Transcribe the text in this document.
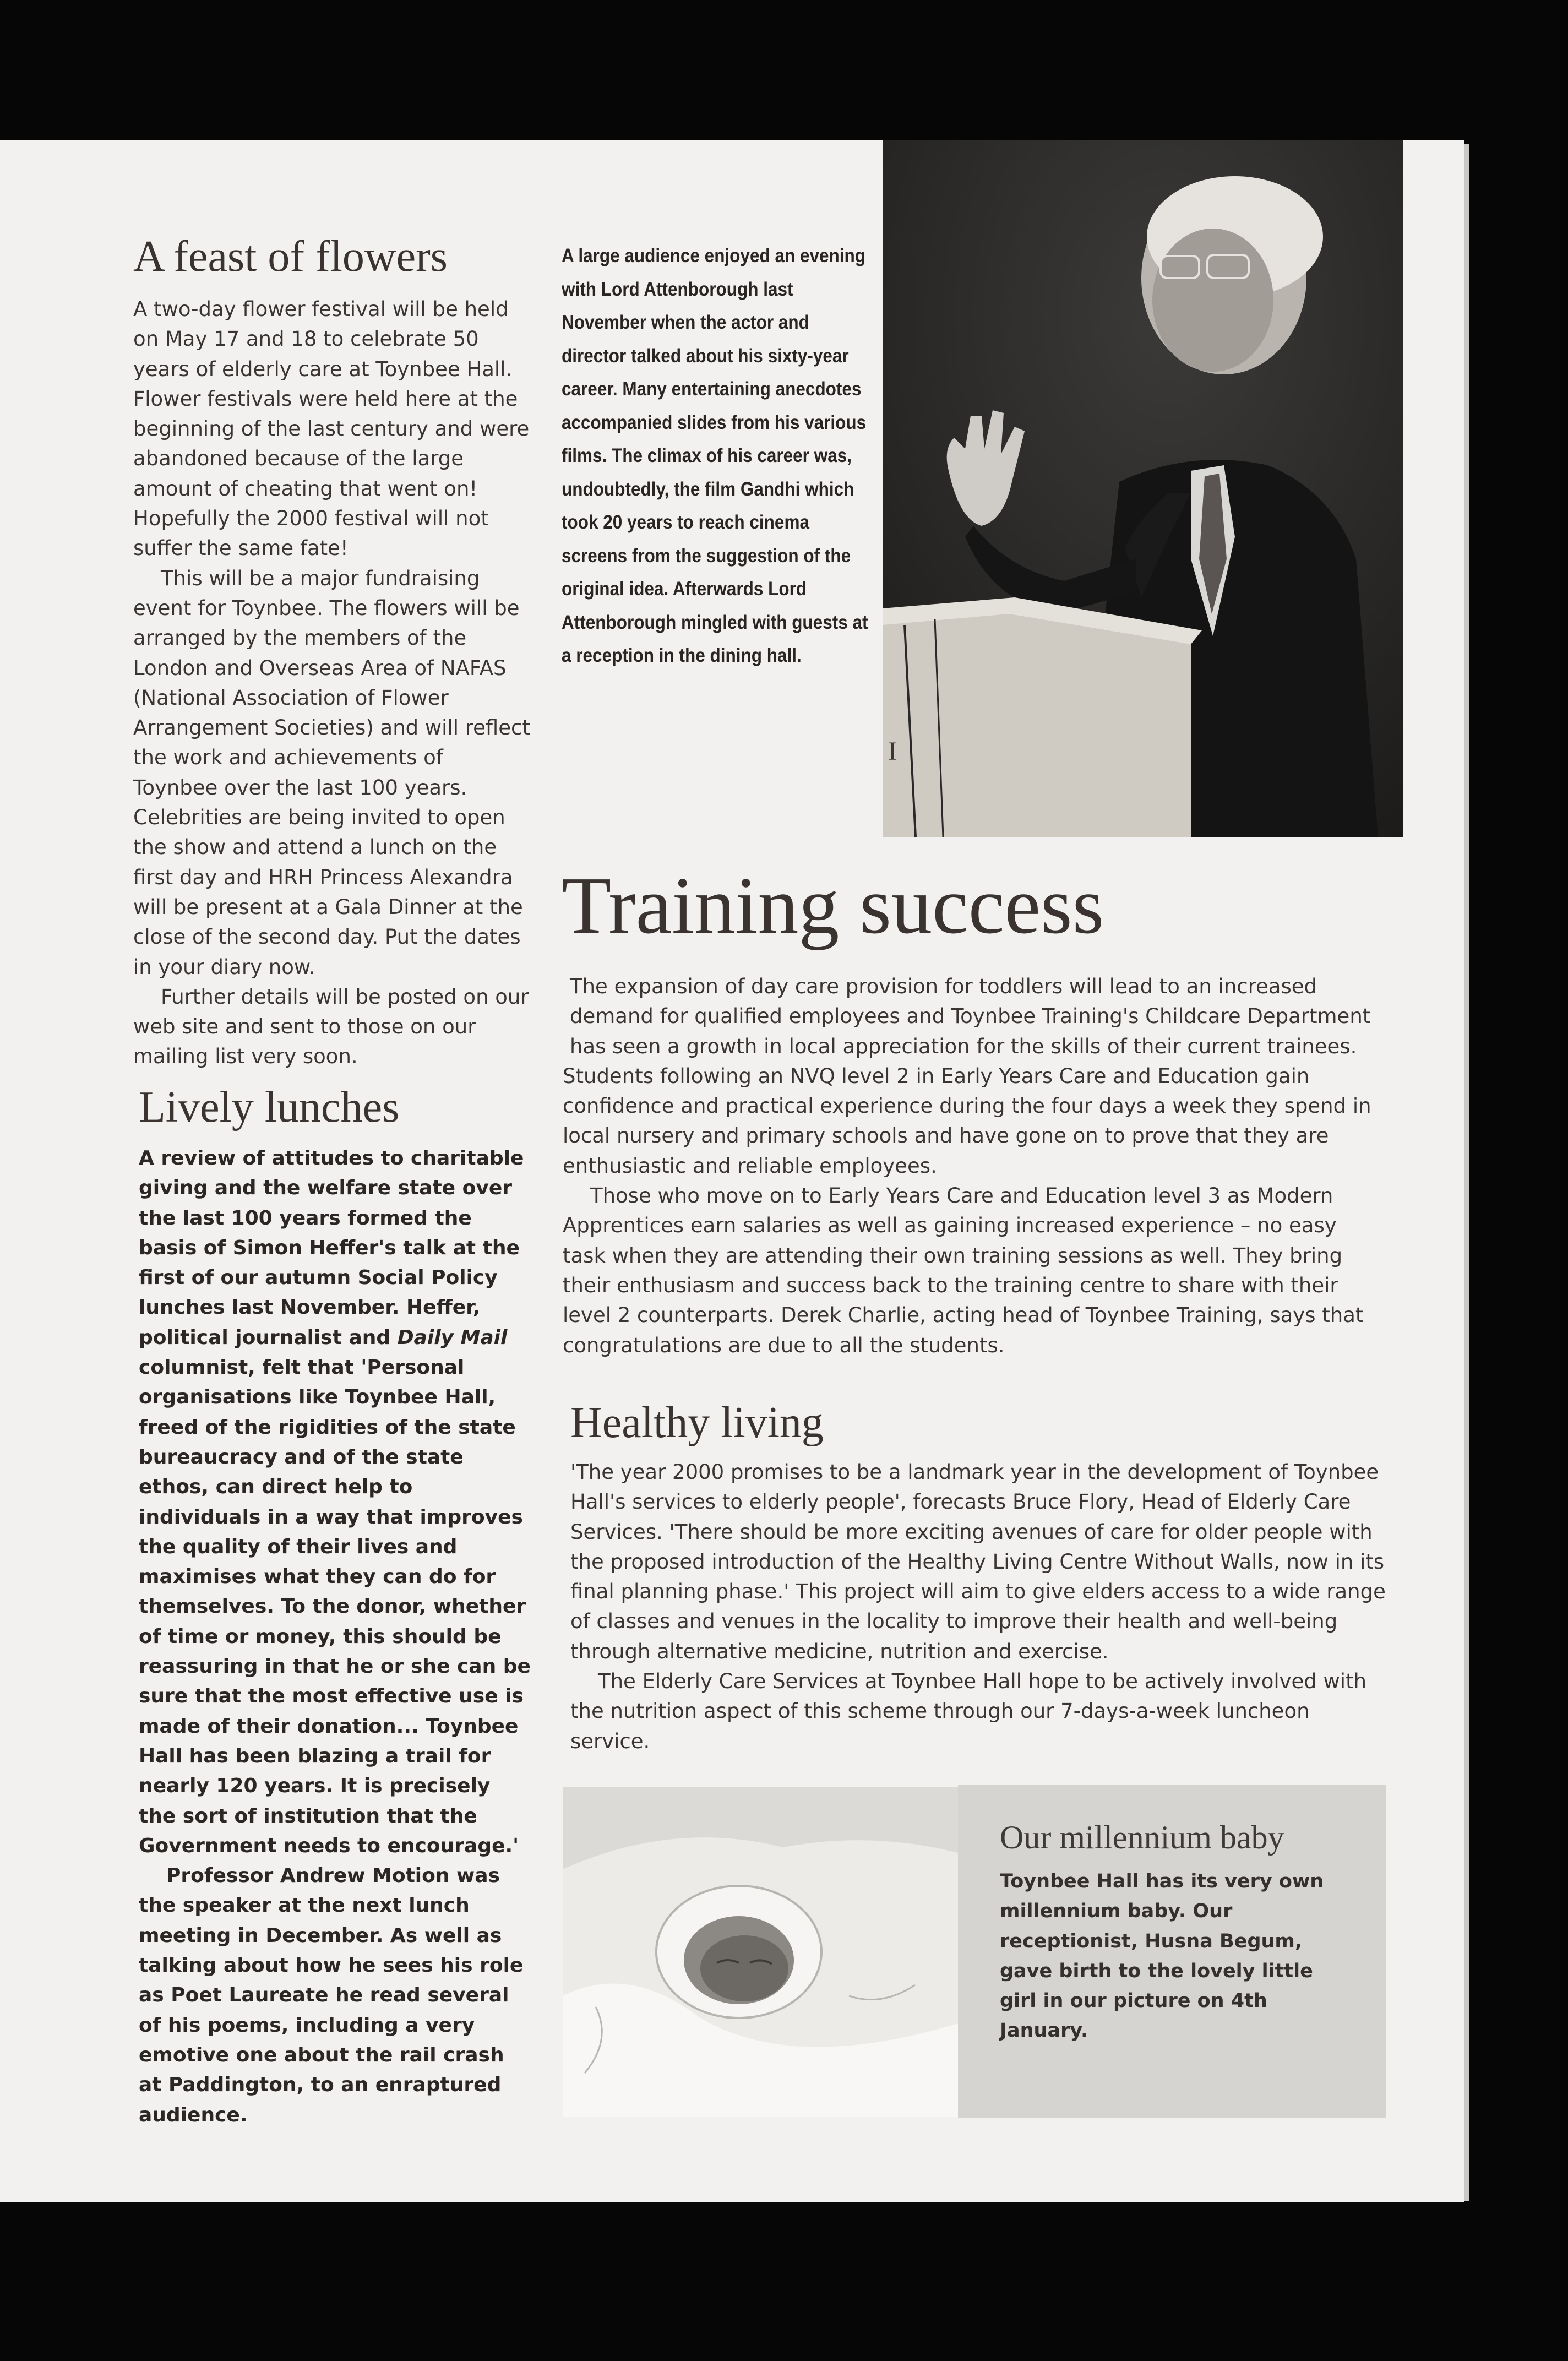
A feast of flowers

A two-day flower festival will be held on May 17 and 18 to celebrate 50 years of elderly care at Toynbee Hall. Flower festivals were held here at the beginning of the last century and were abandoned because of the large amount of cheating that went on! Hopefully the 2000 festival will not suffer the same fate!

This will be a major fundraising event for Toynbee. The flowers will be arranged by the members of the London and Overseas Area of NAFAS (National Association of Flower Arrangement Societies) and will reflect the work and achievements of Toynbee over the last 100 years. Celebrities are being invited to open the show and attend a lunch on the first day and HRH Princess Alexandra will be present at a Gala Dinner at the close of the second day. Put the dates in your diary now.

Further details will be posted on our web site and sent to those on our mailing list very soon.

Lively lunches

A review of attitudes to charitable giving and the welfare state over the last 100 years formed the basis of Simon Heffer's talk at the first of our autumn Social Policy lunches last November. Heffer, political journalist and Daily Mail columnist, felt that 'Personal organisations like Toynbee Hall, freed of the rigidities of the state bureaucracy and of the state ethos, can direct help to individuals in a way that improves the quality of their lives and maximises what they can do for themselves. To the donor, whether of time or money, this should be reassuring in that he or she can be sure that the most effective use is made of their donation... Toynbee Hall has been blazing a trail for nearly 120 years. It is precisely the sort of institution that the Government needs to encourage.'

Professor Andrew Motion was the speaker at the next lunch meeting in December. As well as talking about how he sees his role as Poet Laureate he read several of his poems, including a very emotive one about the rail crash at Paddington, to an enraptured audience.

A large audience enjoyed an evening with Lord Attenborough last November when the actor and director talked about his sixty-year career. Many entertaining anecdotes accompanied slides from his various films. The climax of his career was, undoubtedly, the film Gandhi which took 20 years to reach cinema screens from the suggestion of the original idea. Afterwards Lord Attenborough mingled with guests at a reception in the dining hall.

I
Training success

The expansion of day care provision for toddlers will lead to an increased demand for qualified employees and Toynbee Training's Childcare Department has seen a growth in local appreciation for the skills of their current trainees.

Students following an NVQ level 2 in Early Years Care and Education gain confidence and practical experience during the four days a week they spend in local nursery and primary schools and have gone on to prove that they are enthusiastic and reliable employees.

Those who move on to Early Years Care and Education level 3 as Modern Apprentices earn salaries as well as gaining increased experience – no easy task when they are attending their own training sessions as well. They bring their enthusiasm and success back to the training centre to share with their level 2 counterparts. Derek Charlie, acting head of Toynbee Training, says that congratulations are due to all the students.

Healthy living

'The year 2000 promises to be a landmark year in the development of Toynbee Hall's services to elderly people', forecasts Bruce Flory, Head of Elderly Care Services. 'There should be more exciting avenues of care for older people with the proposed introduction of the Healthy Living Centre Without Walls, now in its final planning phase.' This project will aim to give elders access to a wide range of classes and venues in the locality to improve their health and well-being through alternative medicine, nutrition and exercise.

The Elderly Care Services at Toynbee Hall hope to be actively involved with the nutrition aspect of this scheme through our 7-days-a-week luncheon service.

Our millennium baby

Toynbee Hall has its very own millennium baby. Our receptionist, Husna Begum, gave birth to the lovely little girl in our picture on 4th January.
